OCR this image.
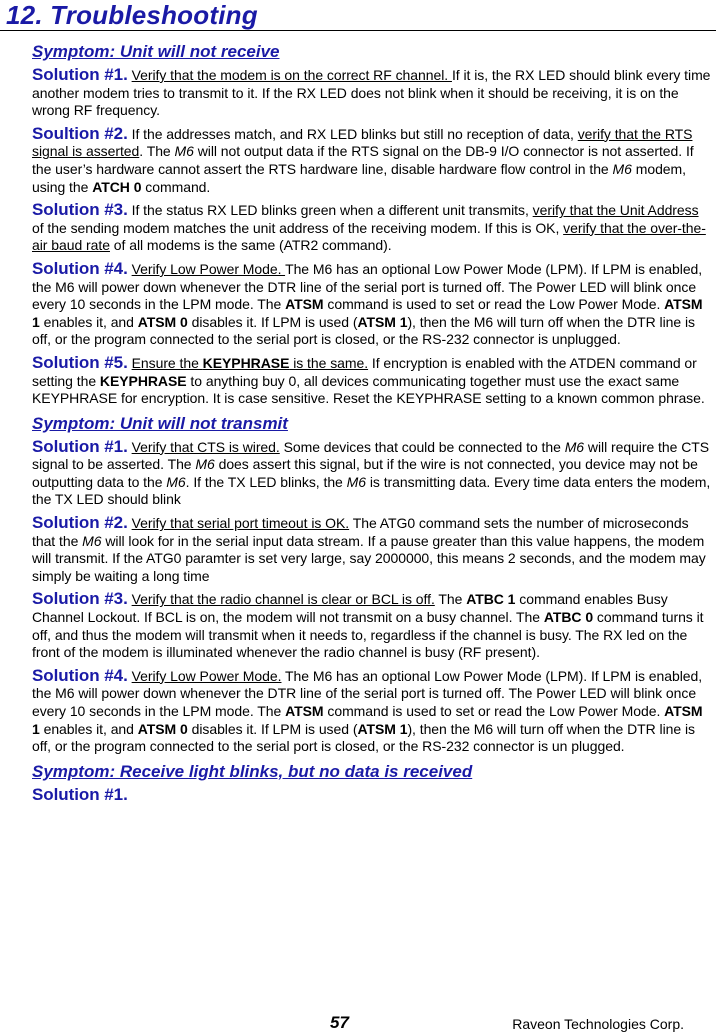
12. Troubleshooting
Symptom: Unit will not receive

Solution #1. Verify that the modem is on the correct RF channel. If it is, the RX LED should blink every time another modem tries to transmit to it. If the RX LED does not blink when it should be receiving, it is on the wrong RF frequency.

Soultion #2. If the addresses match, and RX LED blinks but still no reception of data, verify that the RTS signal is asserted. The M6 will not output data if the RTS signal on the DB-9 I/O connector is not asserted. If the user’s hardware cannot assert the RTS hardware line, disable hardware flow control in the M6 modem, using the ATCH 0 command.

Solution #3. If the status RX LED blinks green when a different unit transmits, verify that the Unit Address of the sending modem matches the unit address of the receiving modem. If this is OK, verify that the over-the-air baud rate of all modems is the same (ATR2 command).

Solution #4. Verify Low Power Mode. The M6 has an optional Low Power Mode (LPM). If LPM is enabled, the M6 will power down whenever the DTR line of the serial port is turned off. The Power LED will blink once every 10 seconds in the LPM mode. The ATSM command is used to set or read the Low Power Mode. ATSM 1 enables it, and ATSM 0 disables it. If LPM is used (ATSM 1), then the M6 will turn off when the DTR line is off, or the program connected to the serial port is closed, or the RS-232 connector is unplugged.

Solution #5. Ensure the KEYPHRASE is the same. If encryption is enabled with the ATDEN command or setting the KEYPHRASE to anything buy 0, all devices communicating together must use the exact same KEYPHRASE for encryption. It is case sensitive. Reset the KEYPHRASE setting to a known common phrase.

Symptom: Unit will not transmit

Solution #1. Verify that CTS is wired. Some devices that could be connected to the M6 will require the CTS signal to be asserted. The M6 does assert this signal, but if the wire is not connected, you device may not be outputting data to the M6. If the TX LED blinks, the M6 is transmitting data. Every time data enters the modem, the TX LED should blink

Solution #2. Verify that serial port timeout is OK. The ATG0 command sets the number of microseconds that the M6 will look for in the serial input data stream. If a pause greater than this value happens, the modem will transmit. If the ATG0 paramter is set very large, say 2000000, this means 2 seconds, and the modem may simply be waiting a long time

Solution #3. Verify that the radio channel is clear or BCL is off. The ATBC 1 command enables Busy Channel Lockout. If BCL is on, the modem will not transmit on a busy channel. The ATBC 0 command turns it off, and thus the modem will transmit when it needs to, regardless if the channel is busy. The RX led on the front of the modem is illuminated whenever the radio channel is busy (RF present).

Solution #4. Verify Low Power Mode. The M6 has an optional Low Power Mode (LPM). If LPM is enabled, the M6 will power down whenever the DTR line of the serial port is turned off. The Power LED will blink once every 10 seconds in the LPM mode. The ATSM command is used to set or read the Low Power Mode. ATSM 1 enables it, and ATSM 0 disables it. If LPM is used (ATSM 1), then the M6 will turn off when the DTR line is off, or the program connected to the serial port is closed, or the RS-232 connector is un plugged.

Symptom: Receive light blinks, but no data is received

Solution #1.

57	Raveon Technologies Corp.
